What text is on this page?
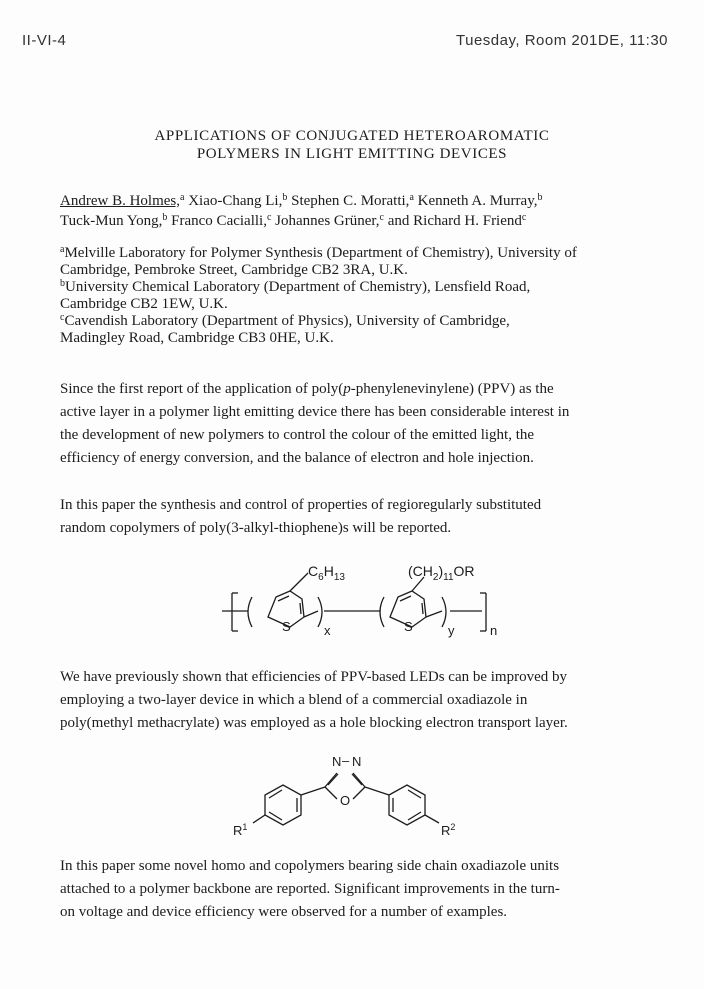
II-VI-4	Tuesday, Room 201DE, 11:30
APPLICATIONS OF CONJUGATED HETEROAROMATIC
POLYMERS IN LIGHT EMITTING DEVICES
Andrew B. Holmes,$^a$ Xiao-Chang Li,$^b$ Stephen C. Moratti,$^a$ Kenneth A. Murray,$^b$
Tuck-Mun Yong,$^b$ Franco Cacialli,$^c$ Johannes Grüner,$^c$ and Richard H. Friend$^c$
$^a$Melville Laboratory for Polymer Synthesis (Department of Chemistry), University of
Cambridge, Pembroke Street, Cambridge CB2 3RA, U.K.
$^b$University Chemical Laboratory (Department of Chemistry), Lensfield Road,
Cambridge CB2 1EW, U.K.
$^c$Cavendish Laboratory (Department of Physics), University of Cambridge,
Madingley Road, Cambridge CB3 0HE, U.K.
Since the first report of the application of poly(p-phenylenevinylene) (PPV) as the
active layer in a polymer light emitting device there has been considerable interest in
the development of new polymers to control the colour of the emitted light, the
efficiency of energy conversion, and the balance of electron and hole injection.
In this paper the synthesis and control of properties of regioregularly substituted
random copolymers of poly(3-alkyl-thiophene)s will be reported.
$C_6H_{13}$	$(CH_2)_{11}OR$
S	S
x	y	n
We have previously shown that efficiencies of PPV-based LEDs can be improved by
employing a two-layer device in which a blend of a commercial oxadiazole in
poly(methyl methacrylate) was employed as a hole blocking electron transport layer.
N – N
O
$R^1$	$R^2$
In this paper some novel homo and copolymers bearing side chain oxadiazole units
attached to a polymer backbone are reported. Significant improvements in the turn-
on voltage and device efficiency were observed for a number of examples.
